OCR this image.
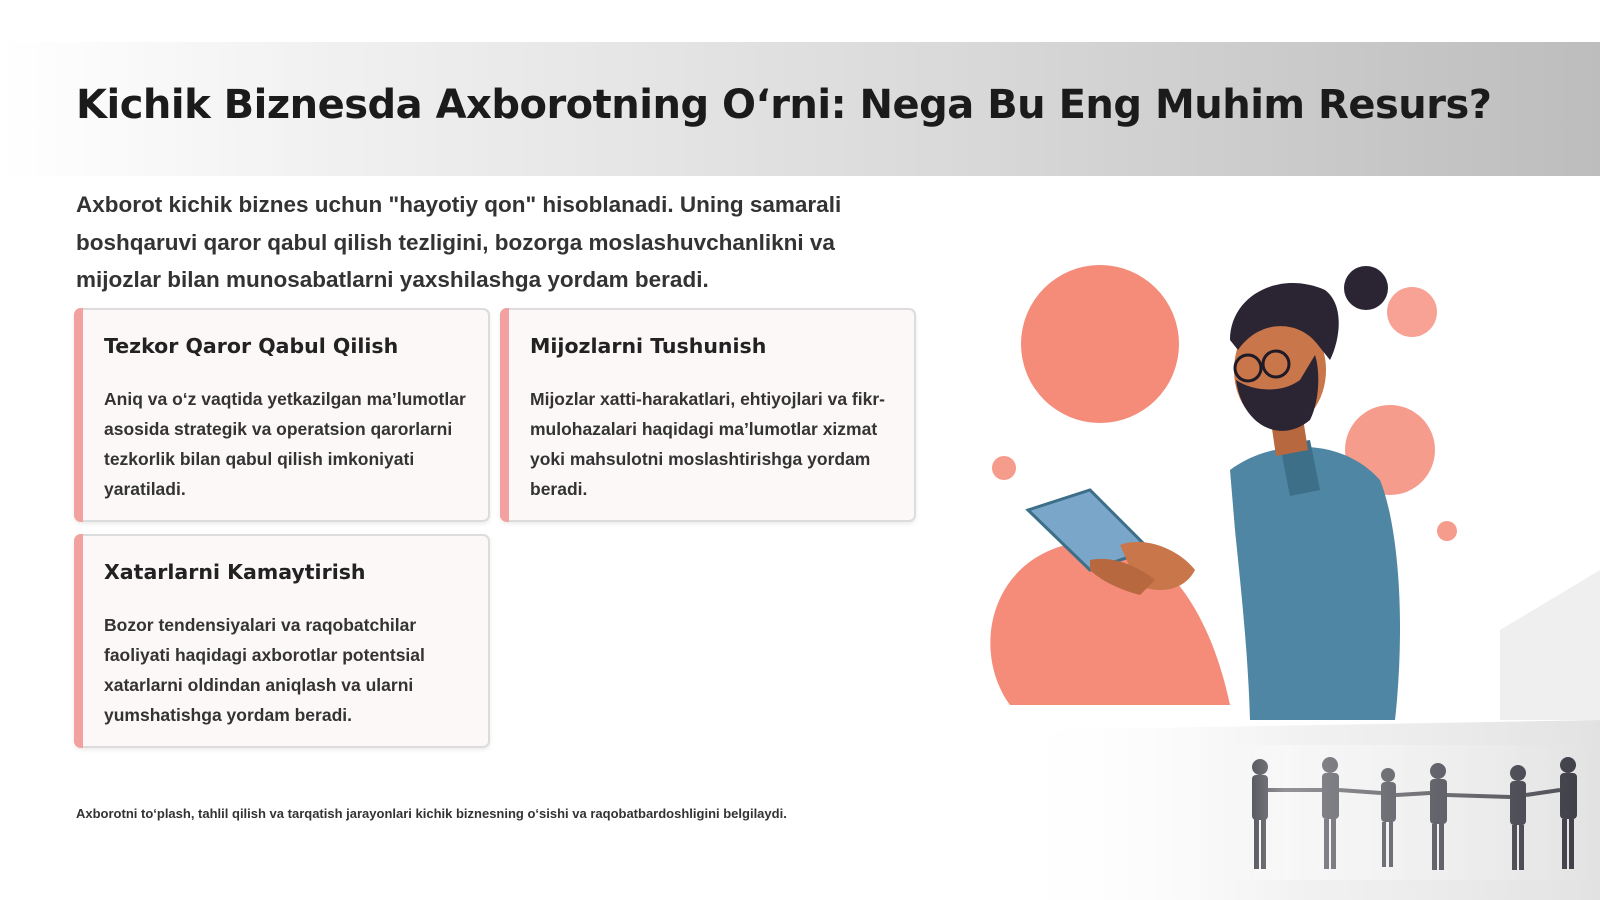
Kichik Biznesda Axborotning O‘rni: Nega Bu Eng Muhim Resurs?

Axborot kichik biznes uchun "hayotiy qon" hisoblanadi. Uning samarali boshqaruvi qaror qabul qilish tezligini, bozorga moslashuvchanlikni va mijozlar bilan munosabatlarni yaxshilashga yordam beradi.

Tezkor Qaror Qabul Qilish
Aniq va o‘z vaqtida yetkazilgan ma’lumotlar asosida strategik va operatsion qarorlarni tezkorlik bilan qabul qilish imkoniyati yaratiladi.
Mijozlarni Tushunish
Mijozlar xatti-harakatlari, ehtiyojlari va fikr-mulohazalari haqidagi ma’lumotlar xizmat yoki mahsulotni moslashtirishga yordam beradi.
Xatarlarni Kamaytirish
Bozor tendensiyalari va raqobatchilar faoliyati haqidagi axborotlar potentsial xatarlarni oldindan aniqlash va ularni yumshatishga yordam beradi.

Axborotni to‘plash, tahlil qilish va tarqatish jarayonlari kichik biznesning o‘sishi va raqobatbardoshligini belgilaydi.
